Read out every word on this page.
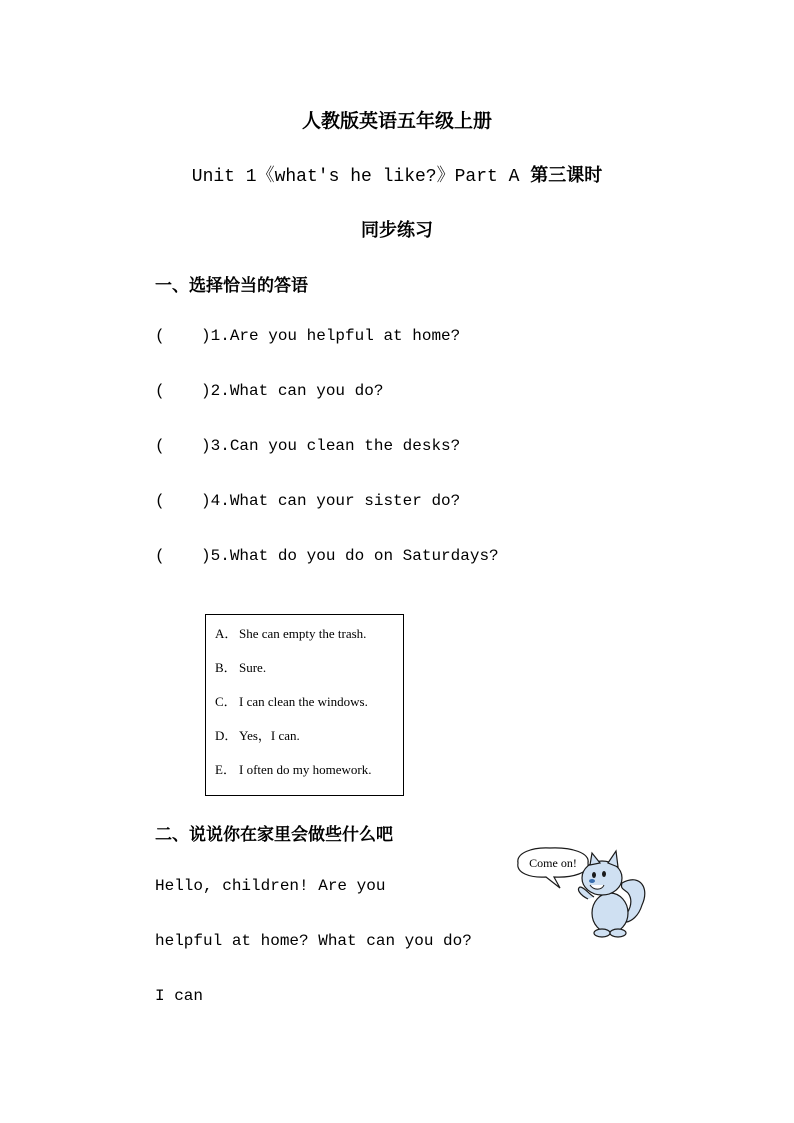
人教版英语五年级上册
Unit 1《what's he like?》Part A 第三课时
同步练习
一、选择恰当的答语
( )1.Are you helpful at home?
( )2.What can you do?
( )3.Can you clean the desks?
( )4.What can your sister do?
( )5.What do you do on Saturdays?
A． She can empty the trash.
B． Sure.
C． I can clean the windows.
D． Yes，I can.
E． I often do my homework.
二、说说你在家里会做些什么吧
Hello, children! Are you
helpful at home? What can you do?
I can
Come on!
